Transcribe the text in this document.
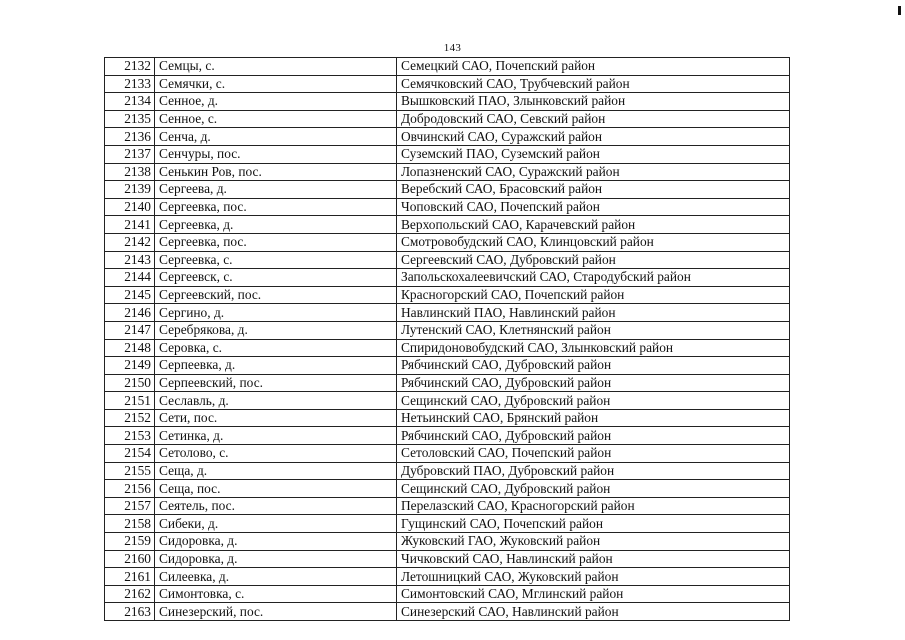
143
2132	Семцы, с.	Семецкий САО, Почепский район
2133	Семячки, с.	Семячковский САО, Трубчевский район
2134	Сенное, д.	Вышковский ПАО, Злынковский район
2135	Сенное, с.	Добродовский САО, Севский район
2136	Сенча, д.	Овчинский САО, Суражский район
2137	Сенчуры, пос.	Суземский ПАО, Суземский район
2138	Сенькин Ров, пос.	Лопазненский САО, Суражский район
2139	Сергеева, д.	Веребский САО, Брасовский район
2140	Сергеевка, пос.	Чоповский САО, Почепский район
2141	Сергеевка, д.	Верхопольский САО, Карачевский район
2142	Сергеевка, пос.	Смотровобудский САО, Клинцовский район
2143	Сергеевка, с.	Сергеевский САО, Дубровский район
2144	Сергеевск, с.	Запольскохалеевичский САО, Стародубский район
2145	Сергеевский, пос.	Красногорский САО, Почепский район
2146	Сергино, д.	Навлинский ПАО, Навлинский район
2147	Серебрякова, д.	Лутенский САО, Клетнянский район
2148	Серовка, с.	Спиридоновобудский САО, Злынковский район
2149	Серпеевка, д.	Рябчинский САО, Дубровский район
2150	Серпеевский, пос.	Рябчинский САО, Дубровский район
2151	Сеславль, д.	Сещинский САО, Дубровский район
2152	Сети, пос.	Нетьинский САО, Брянский район
2153	Сетинка, д.	Рябчинский САО, Дубровский район
2154	Сетолово, с.	Сетоловский САО, Почепский район
2155	Сеща, д.	Дубровский ПАО, Дубровский район
2156	Сеща, пос.	Сещинский САО, Дубровский район
2157	Сеятель, пос.	Перелазский САО, Красногорский район
2158	Сибеки, д.	Гущинский САО, Почепский район
2159	Сидоровка, д.	Жуковский ГАО, Жуковский район
2160	Сидоровка, д.	Чичковский САО, Навлинский район
2161	Силеевка, д.	Летошницкий САО, Жуковский район
2162	Симонтовка, с.	Симонтовский САО, Мглинский район
2163	Синезерский, пос.	Синезерский САО, Навлинский район
